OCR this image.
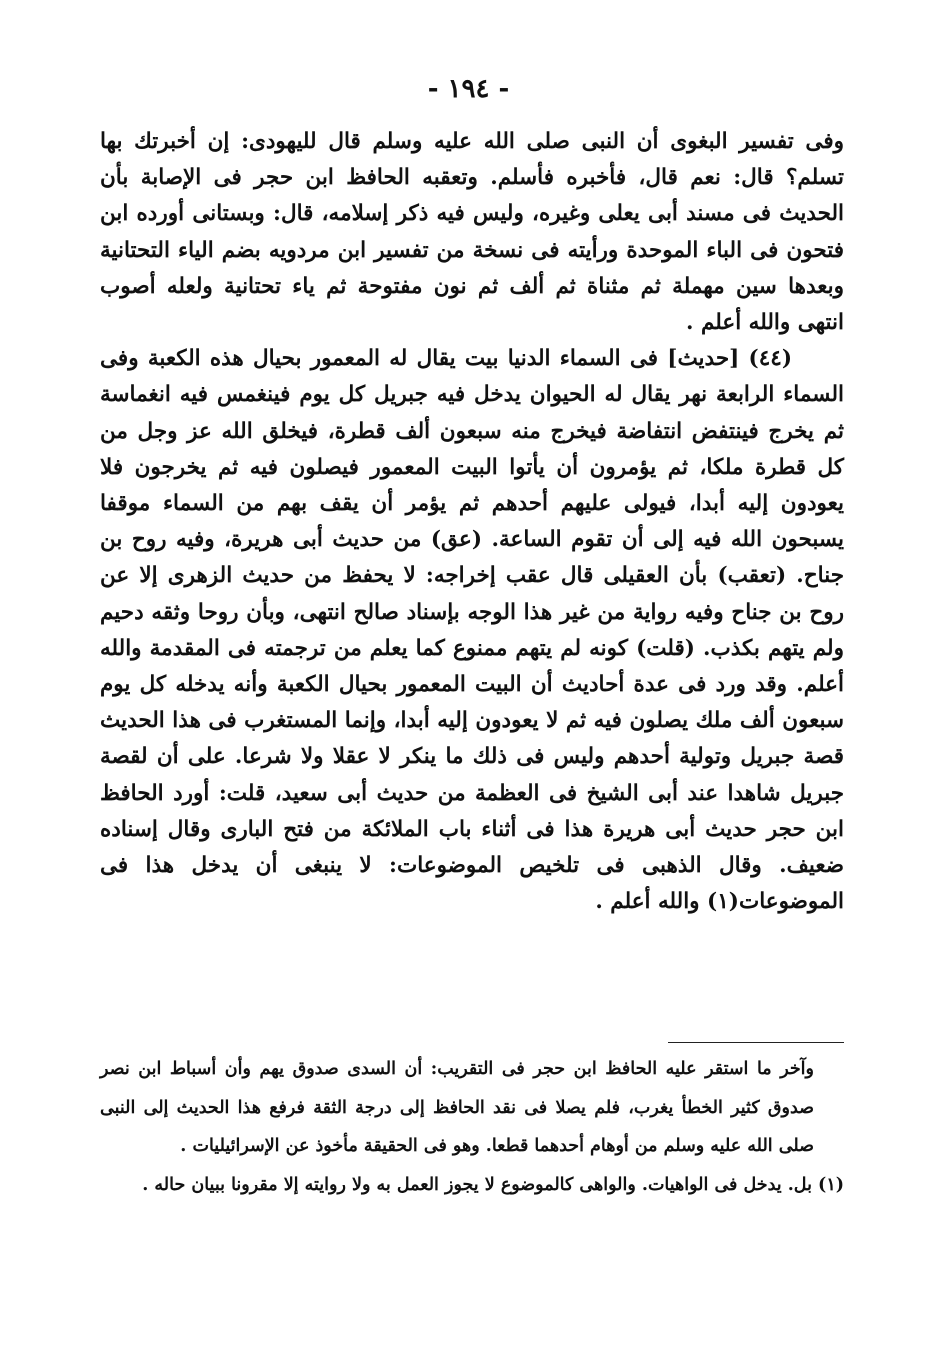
- ١٩٤ -

وفى تفسير البغوى أن النبى صلى الله عليه وسلم قال لليهودى: إن أخبرتك بها تسلم؟ قال: نعم قال، فأخبره فأسلم. وتعقبه الحافظ ابن حجر فى الإصابة بأن الحديث فى مسند أبى يعلى وغيره، وليس فيه ذكر إسلامه، قال: وبستانى أورده ابن فتحون فى الباء الموحدة ورأيته فى نسخة من تفسير ابن مردويه بضم الياء التحتانية وبعدها سين مهملة ثم مثناة ثم ألف ثم نون مفتوحة ثم ياء تحتانية ولعله أصوب انتهى والله أعلم .

(٤٤) [حديث] فى السماء الدنيا بيت يقال له المعمور بحيال هذه الكعبة وفى السماء الرابعة نهر يقال له الحيوان يدخل فيه جبريل كل يوم فينغمس فيه انغماسة ثم يخرج فينتفض انتفاضة فيخرج منه سبعون ألف قطرة، فيخلق الله عز وجل من كل قطرة ملكا، ثم يؤمرون أن يأتوا البيت المعمور فيصلون فيه ثم يخرجون فلا يعودون إليه أبدا، فيولى عليهم أحدهم ثم يؤمر أن يقف بهم من السماء موقفا يسبحون الله فيه إلى أن تقوم الساعة. (عق) من حديث أبى هريرة، وفيه روح بن جناح. (تعقب) بأن العقيلى قال عقب إخراجه: لا يحفظ من حديث الزهرى إلا عن روح بن جناح وفيه رواية من غير هذا الوجه بإسناد صالح انتهى، وبأن روحا وثقه دحيم ولم يتهم بكذب. (قلت) كونه لم يتهم ممنوع كما يعلم من ترجمته فى المقدمة والله أعلم. وقد ورد فى عدة أحاديث أن البيت المعمور بحيال الكعبة وأنه يدخله كل يوم سبعون ألف ملك يصلون فيه ثم لا يعودون إليه أبدا، وإنما المستغرب فى هذا الحديث قصة جبريل وتولية أحدهم وليس فى ذلك ما ينكر لا عقلا ولا شرعا. على أن لقصة جبريل شاهدا عند أبى الشيخ فى العظمة من حديث أبى سعيد، قلت: أورد الحافظ ابن حجر حديث أبى هريرة هذا فى أثناء باب الملائكة من فتح البارى وقال إسناده ضعيف. وقال الذهبى فى تلخيص الموضوعات: لا ينبغى أن يدخل هذا فى الموضوعات(١) والله أعلم .

وآخر ما استقر عليه الحافظ ابن حجر فى التقريب: أن السدى صدوق يهم وأن أسباط ابن نصر صدوق كثير الخطأ يغرب، فلم يصلا فى نقد الحافظ إلى درجة الثقة فرفع هذا الحديث إلى النبى صلى الله عليه وسلم من أوهام أحدهما قطعا. وهو فى الحقيقة مأخوذ عن الإسرائيليات .

(١) بل. يدخل فى الواهيات. والواهى كالموضوع لا يجوز العمل به ولا روايته إلا مقرونا ببيان حاله .
